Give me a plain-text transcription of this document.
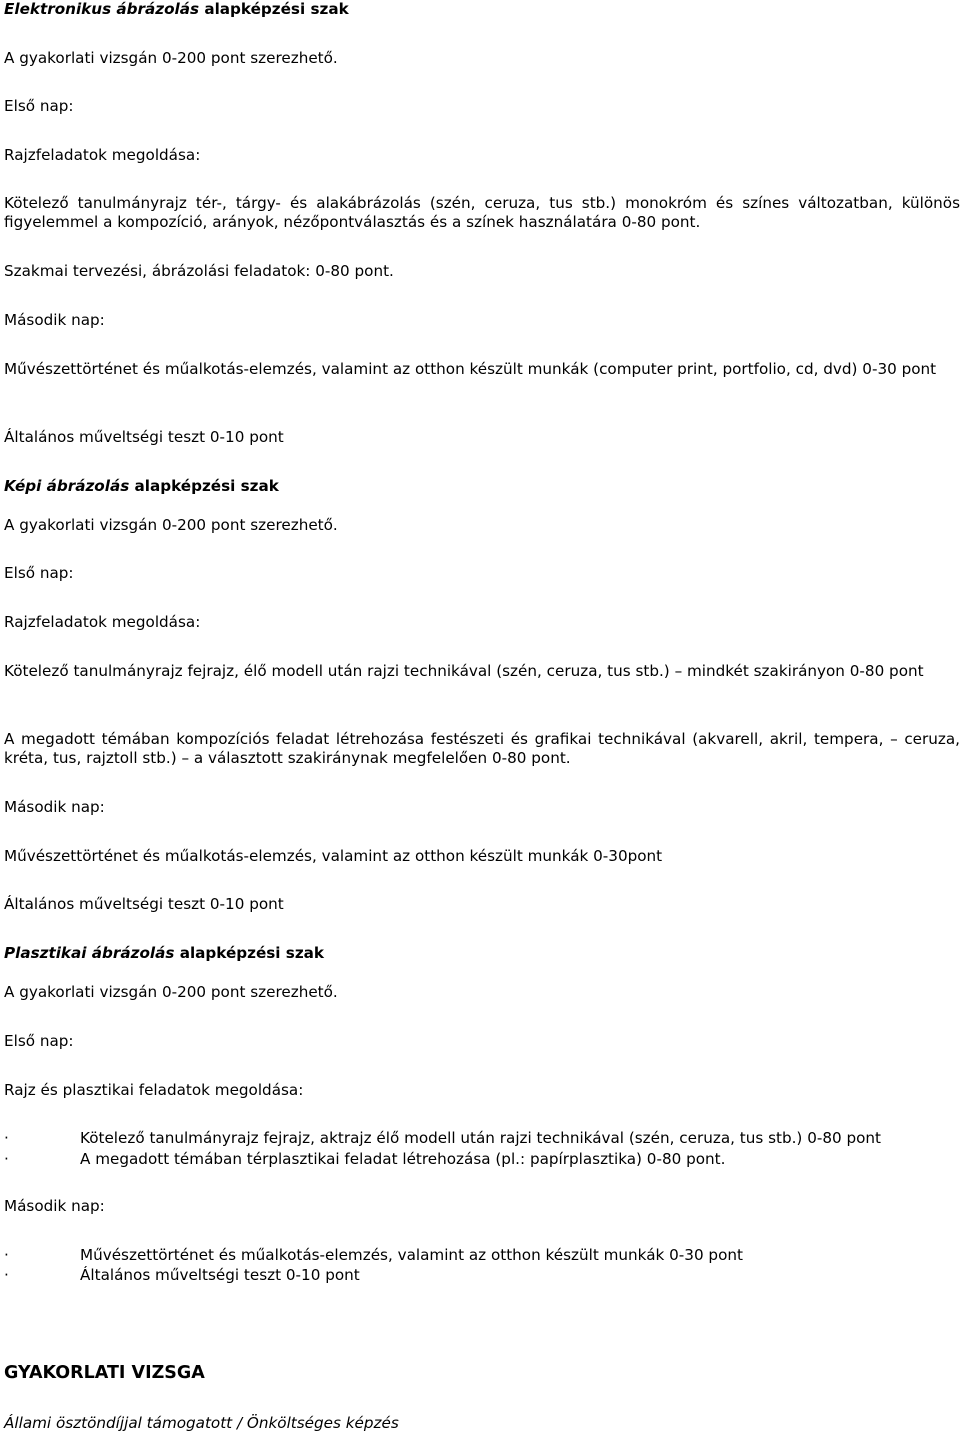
Elektronikus ábrázolás alapképzési szak
A gyakorlati vizsgán 0-200 pont szerezhető.
Első nap:
Rajzfeladatok megoldása:
Kötelező tanulmányrajz tér-, tárgy- és alakábrázolás (szén, ceruza, tus stb.) monokróm és színes változatban, különös figyelemmel a kompozíció, arányok, nézőpontválasztás és a színek használatára 0-80 pont.
Szakmai tervezési, ábrázolási feladatok: 0-80 pont.
Második nap:
Művészettörténet és műalkotás-elemzés, valamint az otthon készült munkák (computer print, portfolio, cd, dvd) 0-30 pont
Általános műveltségi teszt 0-10 pont
Képi ábrázolás alapképzési szak
A gyakorlati vizsgán 0-200 pont szerezhető.
Első nap:
Rajzfeladatok megoldása:
Kötelező tanulmányrajz fejrajz, élő modell után rajzi technikával (szén, ceruza, tus stb.) – mindkét szakirányon 0-80 pont
A megadott témában kompozíciós feladat létrehozása festészeti és grafikai technikával (akvarell, akril, tempera, – ceruza, kréta, tus, rajztoll stb.) – a választott szakiránynak megfelelően 0-80 pont.
Második nap:
Művészettörténet és műalkotás-elemzés, valamint az otthon készült munkák 0-30pont
Általános műveltségi teszt 0-10 pont
Plasztikai ábrázolás alapképzési szak
A gyakorlati vizsgán 0-200 pont szerezhető.
Első nap:
Rajz és plasztikai feladatok megoldása:
·	Kötelező tanulmányrajz fejrajz, aktrajz élő modell után rajzi technikával (szén, ceruza, tus stb.) 0-80 pont
·	A megadott témában térplasztikai feladat létrehozása (pl.: papírplasztika) 0-80 pont.
Második nap:
·	Művészettörténet és műalkotás-elemzés, valamint az otthon készült munkák 0-30 pont
·	Általános műveltségi teszt 0-10 pont
GYAKORLATI VIZSGA
Állami ösztöndíjjal támogatott / Önköltséges képzés
